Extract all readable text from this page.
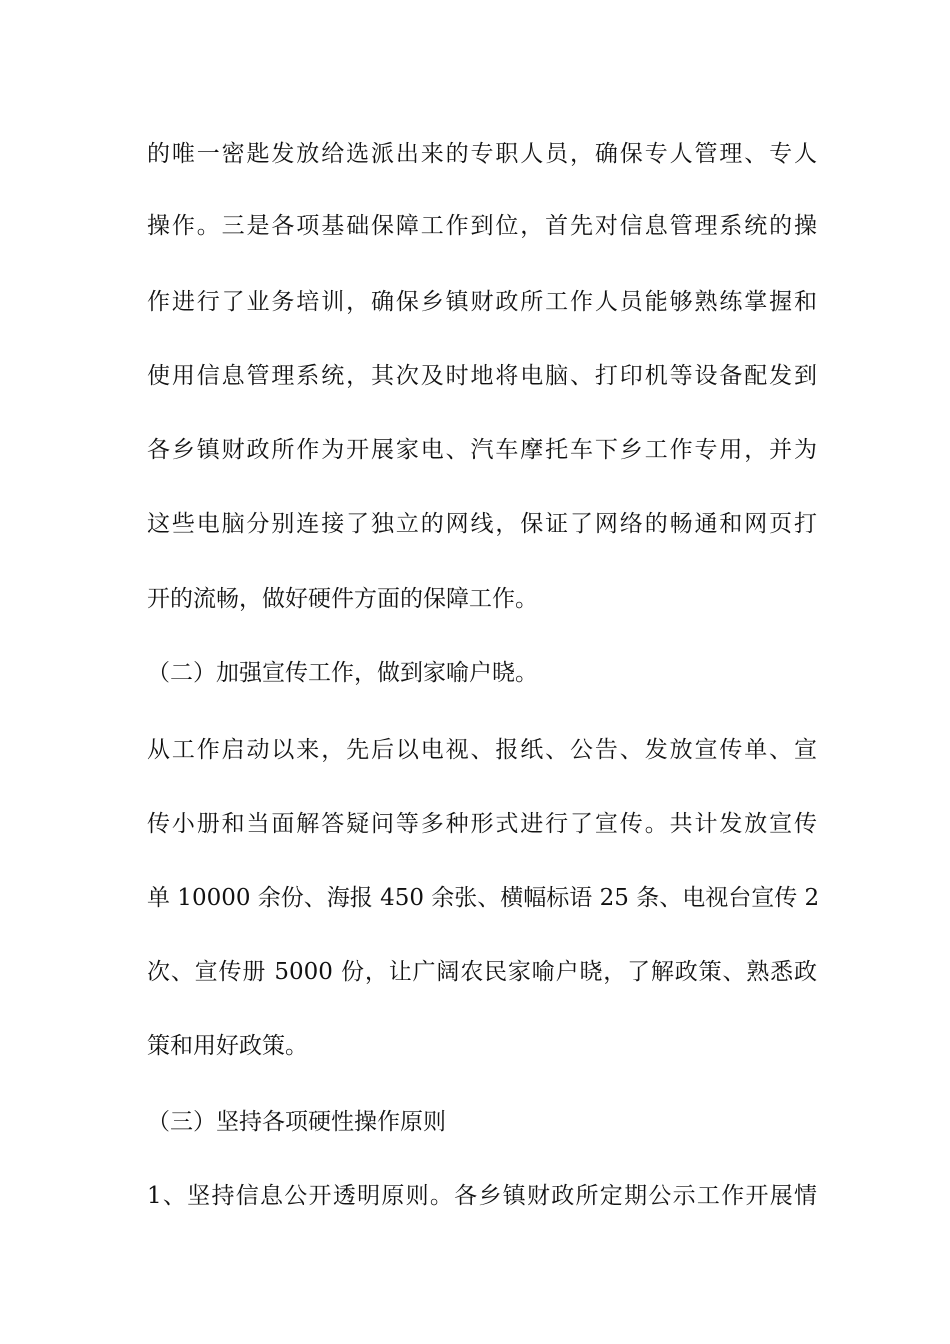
的唯一密匙发放给选派出来的专职人员，确保专人管理、专人
操作。三是各项基础保障工作到位，首先对信息管理系统的操
作进行了业务培训，确保乡镇财政所工作人员能够熟练掌握和
使用信息管理系统，其次及时地将电脑、打印机等设备配发到
各乡镇财政所作为开展家电、汽车摩托车下乡工作专用，并为
这些电脑分别连接了独立的网线，保证了网络的畅通和网页打
开的流畅，做好硬件方面的保障工作。
（二）加强宣传工作，做到家喻户晓。
从工作启动以来，先后以电视、报纸、公告、发放宣传单、宣
传小册和当面解答疑问等多种形式进行了宣传。共计发放宣传
单 10000 余份、海报 450 余张、横幅标语 25 条、电视台宣传 2
次、宣传册 5000 份，让广阔农民家喻户晓，了解政策、熟悉政
策和用好政策。
（三）坚持各项硬性操作原则
1、坚持信息公开透明原则。各乡镇财政所定期公示工作开展情
